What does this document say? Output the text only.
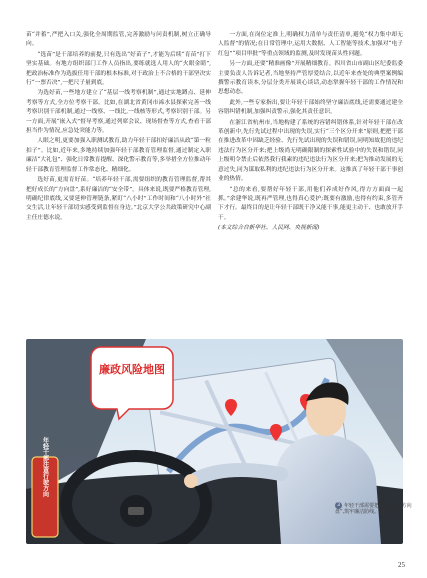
苗“并蓄”,严把入口关,强化全周期监管,完善激励与问责机制,树立正确导向。

“选苗”是干部培养的前提,只有选出“好苗子”,才能为后续“育苗”打下坚实基础。有地方组织部门工作人员指出,要练就选人用人的“火眼金睛”,把政治标准作为选拔任用干部的根本标准,对于政治上不合格的干部坚决实行“一票否决”,一把尺子量到底。

为选好苗,一些地方建立了“基层一线考察机制”,通过实地蹲点、延伸考察等方式,全方位考察干部。比如,在湖北省黄冈市浠水县探索完善一线考察识别干部机制,通过一线察、一线比,一线核等形式,考察识别干部。另一方面,开展“嵌入式”督导考察,通过列席会议、现场督查等方式,查看干部担当作为情况,应急处突能力等。

人眼之明,更要加强入职测试教育,助力年轻干部扣好廉洁从政“第一粒扣子”。比如,近年来,多地持续加强年轻干部教育管理监督,通过制定入职廉洁“大礼包”、强化日常教育提醒、深化警示教育等,多举措全方位推动年轻干部教育管理监督工作常态化、精细化。

选好苗,更需育好苗。“培养年轻干部,需要组织的教育管理监督,帮其把好成长的“方向盘”,系好廉洁的“安全带”。具体来说,既要严格教育管理,明确纪律底线,又要延伸管理链条,紧盯“八小时”工作时间和“八小时外”社交生活,让年轻干部切实感受到监督在身边。”北京大学公共政策研究中心副主任庄德水说。

一方面,在岗位定准上,明确权力清单与责任清单,避免“权力集中却无人监督”的情况;在日常管理中,运用大数据、人工智能等技术,加强对“电子红包”“项目审批”等重点领域的监测,及时发现苗头性问题。

另一方面,还要“精准画像”开展精细教育。四川省山市副山区纪委监委主要负责人告诉记者,当地坚持严管厚爱结合,以近年来查处的典型案例编撰警示教育读本,分层分类开展谈心谈话,动态掌握年轻干部的工作情况和思想动态。

此外,一些专家指出,要让年轻干部始终坚守廉洁底线,还需要通过建全容错纠错机制,加强纠责警示,强化其责任意识。

在浙江省杭州市,当地构建了系统的容错纠错体系,针对年轻干部在改革创新中,先行先试过程中出现的失误,实行“三个区分开来”原则,把把干部在推进改革中因缺乏经验、先行先试出现的失误和错误,同明知故犯的违纪违法行为区分开来;把上级尚无明确限制的探索性试验中的失误和错误,同上级明令禁止后依然我行我素的违纪违法行为区分开来;把为推动发展的无意过失,同为谋取私利的违纪违法行为区分开来。这推真了年轻干部干事创业的热情。

“总的来看,要帮好年轻干部,用他们养成好作风,得方方面面一起抓。”余建华说,既再严管理,也得真心爱护;既要有激励,也得有约束,多管齐下才行。最终目的是让年轻干部既干净又能干事,能更主动干、也敢放开手干。

(本文综合自新华社、人民网、央视新闻)

廉政风险地图
年轻干部注意行驶方向
3 年轻干部需要把好成长的“方向盘”,筑牢廉洁防线。(AI图片)
25
